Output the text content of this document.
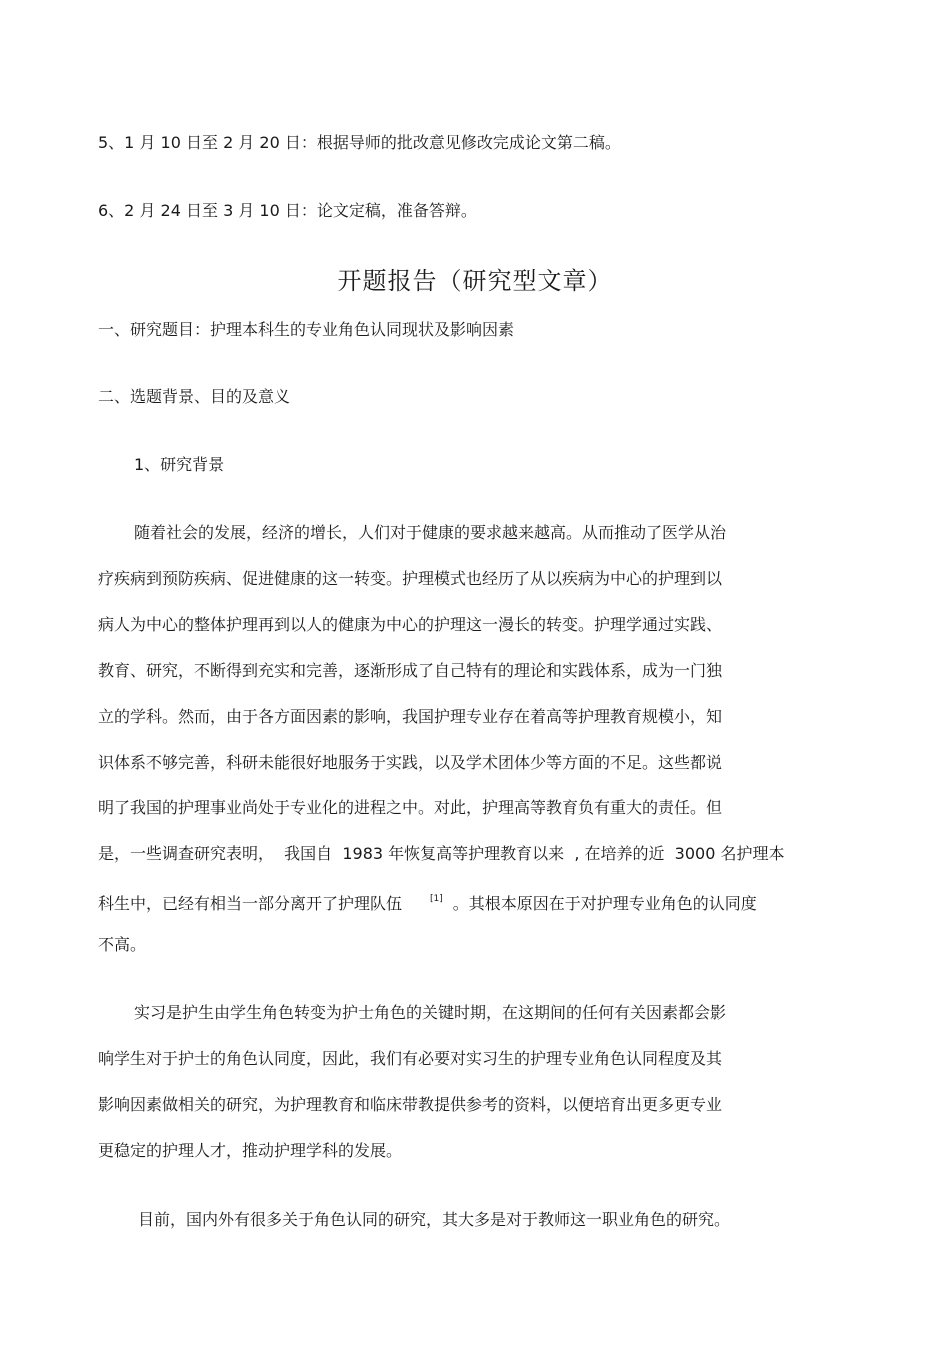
5、1 月 10 日至 2 月 20 日：根据导师的批改意见修改完成论文第二稿。
6、2 月 24 日至 3 月 10 日：论文定稿，准备答辩。
开题报告（研究型文章）
一、研究题目：护理本科生的专业角色认同现状及影响因素
二、选题背景、目的及意义
1、研究背景
随着社会的发展，经济的增长，人们对于健康的要求越来越高。从而推动了医学从治
疗疾病到预防疾病、促进健康的这一转变。护理模式也经历了从以疾病为中心的护理到以
病人为中心的整体护理再到以人的健康为中心的护理这一漫长的转变。护理学通过实践、
教育、研究，不断得到充实和完善，逐渐形成了自己特有的理论和实践体系，成为一门独
立的学科。然而，由于各方面因素的影响，我国护理专业存在着高等护理教育规模小，知
识体系不够完善，科研未能很好地服务于实践，以及学术团体少等方面的不足。这些都说
明了我国的护理事业尚处于专业化的进程之中。对此，护理高等教育负有重大的责任。但
是，一些调查研究表明，  我国自  1983 年恢复高等护理教育以来  , 在培养的近  3000 名护理本
科生中，已经有相当一部分离开了护理队伍	[1] 。其根本原因在于对护理专业角色的认同度
不高。
实习是护生由学生角色转变为护士角色的关键时期，在这期间的任何有关因素都会影
响学生对于护士的角色认同度，因此，我们有必要对实习生的护理专业角色认同程度及其
影响因素做相关的研究，为护理教育和临床带教提供参考的资料，以便培育出更多更专业
更稳定的护理人才，推动护理学科的发展。
目前，国内外有很多关于角色认同的研究，其大多是对于教师这一职业角色的研究。
